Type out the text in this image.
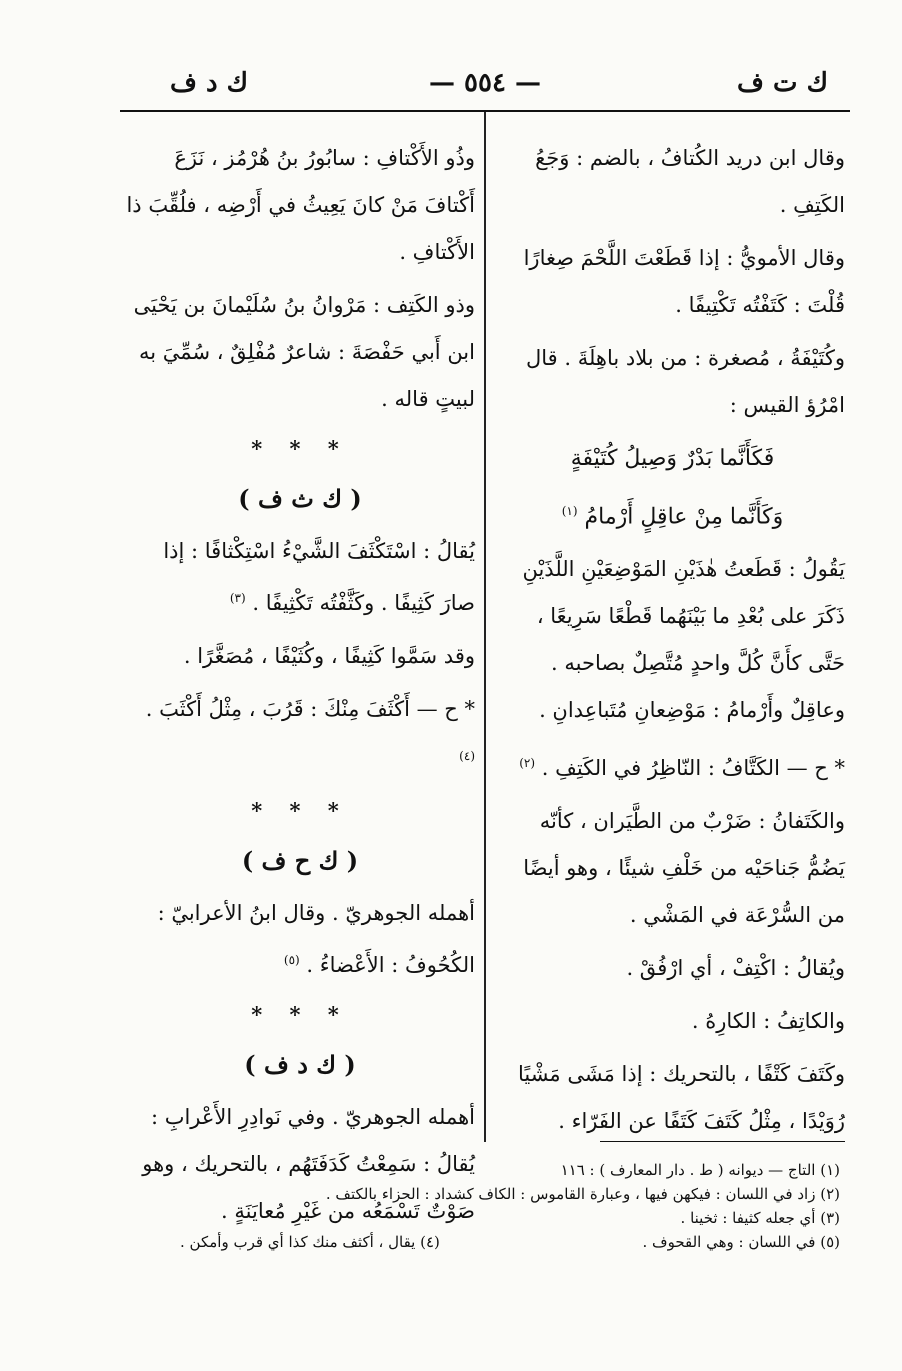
ك ت ف
— ٥٥٤ —
ك د ف

وقال ابن دريد الكُتافُ ، بالضم : وَجَعُ الكَتِفِ .

وقال الأمويُّ : إذا قَطَعْتَ اللَّحْمَ صِغارًا قُلْتَ : كَتَفْتُه تَكْتِيفًا .

وكُتَيْفَةُ ، مُصغرة : من بلاد باهِلَةَ . قال امْرُؤ القيس :

فَكَأَنَّما بَدْرٌ وَصِيلُ كُتَيْفَةٍ

وَكَأَنَّما مِنْ عاقِلٍ أَرْمامُ $^{(١)}$

يَقُولُ : قَطَعتُ هٰذَيْنِ المَوْضِعَيْنِ اللَّذَيْنِ ذَكَرَ على بُعْدِ ما بَيْنَهُما قَطْعًا سَرِيعًا ، حَتَّى كأَنَّ كُلَّ واحدٍ مُتَّصِلٌ بصاحبه . وعاقِلٌ وأَرْمامُ : مَوْضِعانِ مُتَباعِدانِ .

* ح — الكَتَّافُ : النّاظِرُ في الكَتِفِ . $^{(٢)}$

والكَتَفانُ : ضَرْبٌ من الطَّيَران ، كأنّه يَضُمُّ جَناحَيْه من خَلْفِ شيئًا ، وهو أيضًا من السُّرْعَة في المَشْي .

ويُقالُ : اكْتِفْ ، أي ارْفُقْ .

والكاتِفُ : الكارِهُ .

وكَتَفَ كَتْفًا ، بالتحريك : إذا مَشَى مَشْيًا رُوَيْدًا ، مِثْلُ كَتَفَ كَتَفًا عن الفَرّاء .

وذُو الأَكْتافِ : سابُورُ بنُ هُرْمُز ، نَزَعَ أَكْتافَ مَنْ كانَ يَعِيثُ في أَرْضِه ، فلُقِّبَ ذا الأَكْتافِ .

وذو الكَتِف : مَرْوانُ بنُ سُلَيْمانَ بن يَحْيَى ابن أَبي حَفْصَةَ : شاعرٌ مُفْلِقٌ ، سُمِّيَ به لبيتٍ قاله .

* * *

( ك ث ف )

يُقالُ : اسْتَكْثَفَ الشَّيْءُ اسْتِكْثافًا : إذا صارَ كَثِيفًا . وكَثَّفْتُه تَكْثِيفًا . $^{(٣)}$

وقد سَمَّوا كَثِيفًا ، وكُثَيْفًا ، مُصَغَّرًا .

* ح — أَكْثَفَ مِنْكَ : قَرُبَ ، مِثْلُ أَكْثَبَ . $^{(٤)}$

* * *

( ك ح ف )

أهمله الجوهريّ . وقال ابنُ الأعرابيّ : الكُحُوفُ : الأَعْضاءُ . $^{(٥)}$

* * *

( ك د ف )

أهمله الجوهريّ . وفي نَوادِرِ الأَعْرابِ : يُقالُ : سَمِعْتُ كَدَفَتَهُم ، بالتحريك ، وهو صَوْتٌ تَسْمَعُه من غَيْرِ مُعايَنَةٍ .

(١) التاج — ديوانه ( ط . دار المعارف ) : ١١٦
(٢) زاد في اللسان : فيكهن فيها ، وعبارة القاموس : الكاف كشداد : الحزاء بالكتف .
(٣) أي جعله كثيفا : ثخينا .
(٤) يقال ، أكثف منك كذا أي قرب وأمكن .	(٥) في اللسان : وهي القحوف .
